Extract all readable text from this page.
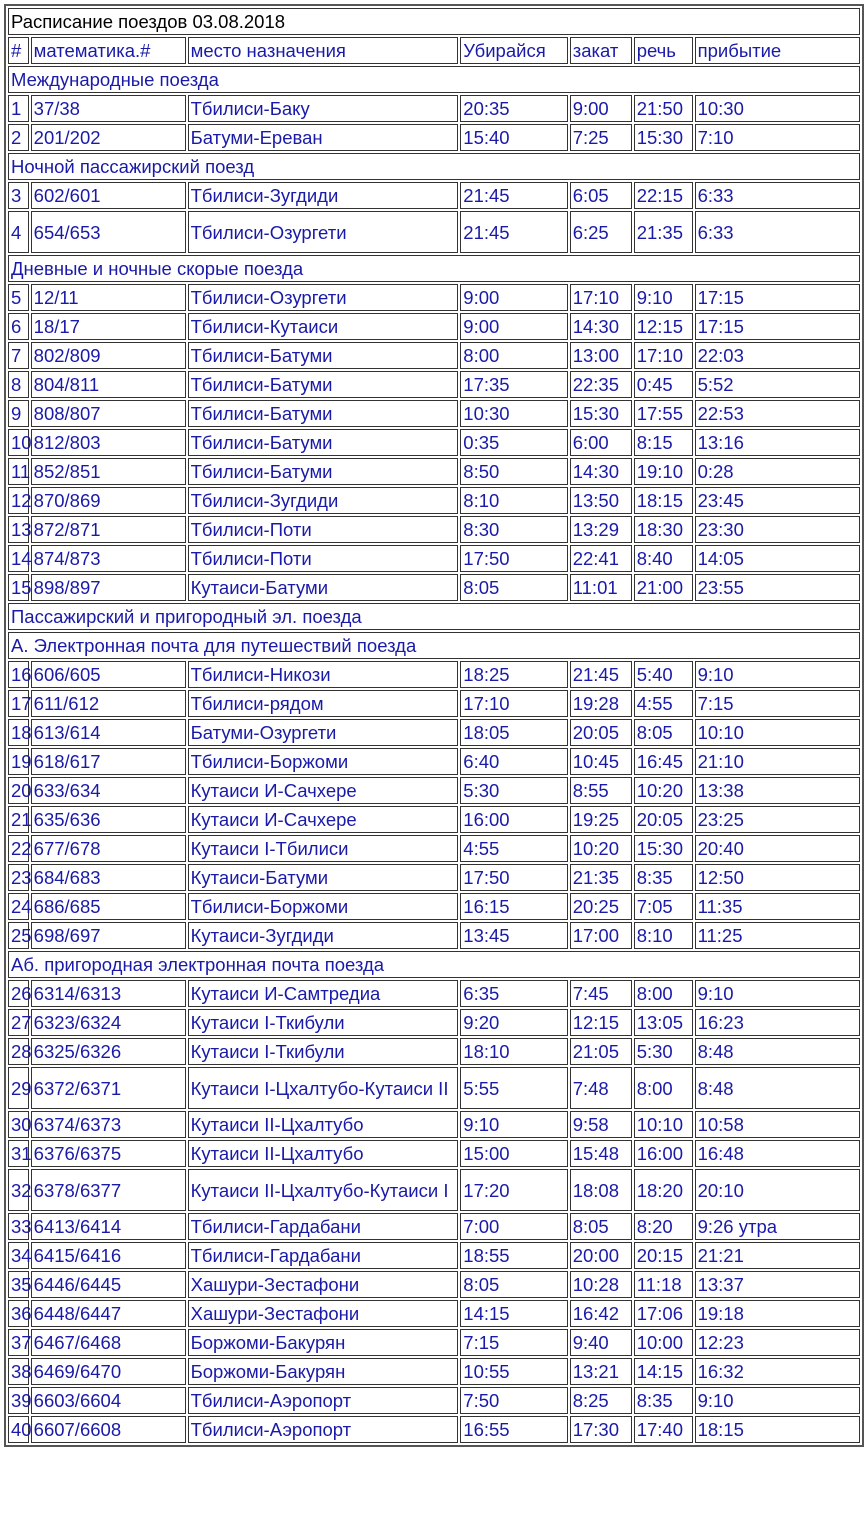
Расписание поездов 03.08.2018						
#	математика.#	место назначения	Убирайся	закат	речь	прибытие
Международные поезда						
1	37/38	Тбилиси-Баку	20:35	9:00	21:50	10:30
2	201/202	Батуми-Ереван	15:40	7:25	15:30	7:10
Ночной пассажирский поезд						
3	602/601	Тбилиси-Зугдиди	21:45	6:05	22:15	6:33
4	654/653	Тбилиси-Озургети	21:45	6:25	21:35	6:33
Дневные и ночные скорые поезда						
5	12/11	Тбилиси-Озургети	9:00	17:10	9:10	17:15
6	18/17	Тбилиси-Кутаиси	9:00	14:30	12:15	17:15
7	802/809	Тбилиси-Батуми	8:00	13:00	17:10	22:03
8	804/811	Тбилиси-Батуми	17:35	22:35	0:45	5:52
9	808/807	Тбилиси-Батуми	10:30	15:30	17:55	22:53
10	812/803	Тбилиси-Батуми	0:35	6:00	8:15	13:16
11	852/851	Тбилиси-Батуми	8:50	14:30	19:10	0:28
12	870/869	Тбилиси-Зугдиди	8:10	13:50	18:15	23:45
13	872/871	Тбилиси-Поти	8:30	13:29	18:30	23:30
14	874/873	Тбилиси-Поти	17:50	22:41	8:40	14:05
15	898/897	Кутаиси-Батуми	8:05	11:01	21:00	23:55
Пассажирский и пригородный эл. поезда						
A. Электронная почта для путешествий поезда						
16	606/605	Тбилиси-Никози	18:25	21:45	5:40	9:10
17	611/612	Тбилиси-рядом	17:10	19:28	4:55	7:15
18	613/614	Батуми-Озургети	18:05	20:05	8:05	10:10
19	618/617	Тбилиси-Боржоми	6:40	10:45	16:45	21:10
20	633/634	Кутаиси И-Сачхере	5:30	8:55	10:20	13:38
21	635/636	Кутаиси И-Сачхере	16:00	19:25	20:05	23:25
22	677/678	Кутаиси I-Тбилиси	4:55	10:20	15:30	20:40
23	684/683	Кутаиси-Батуми	17:50	21:35	8:35	12:50
24	686/685	Тбилиси-Боржоми	16:15	20:25	7:05	11:35
25	698/697	Кутаиси-Зугдиди	13:45	17:00	8:10	11:25
Аб. пригородная электронная почта поезда						
26	6314/6313	Кутаиси И-Самтредиа	6:35	7:45	8:00	9:10
27	6323/6324	Кутаиси I-Ткибули	9:20	12:15	13:05	16:23
28	6325/6326	Кутаиси I-Ткибули	18:10	21:05	5:30	8:48
29	6372/6371	Кутаиси I-Цхалтубо-Кутаиси II	5:55	7:48	8:00	8:48
30	6374/6373	Кутаиси II-Цхалтубо	9:10	9:58	10:10	10:58
31	6376/6375	Кутаиси II-Цхалтубо	15:00	15:48	16:00	16:48
32	6378/6377	Кутаиси II-Цхалтубо-Кутаиси I	17:20	18:08	18:20	20:10
33	6413/6414	Тбилиси-Гардабани	7:00	8:05	8:20	9:26 утра
34	6415/6416	Тбилиси-Гардабани	18:55	20:00	20:15	21:21
35	6446/6445	Хашури-Зестафони	8:05	10:28	11:18	13:37
36	6448/6447	Хашури-Зестафони	14:15	16:42	17:06	19:18
37	6467/6468	Боржоми-Бакурян	7:15	9:40	10:00	12:23
38	6469/6470	Боржоми-Бакурян	10:55	13:21	14:15	16:32
39	6603/6604	Тбилиси-Аэропорт	7:50	8:25	8:35	9:10
40	6607/6608	Тбилиси-Аэропорт	16:55	17:30	17:40	18:15
